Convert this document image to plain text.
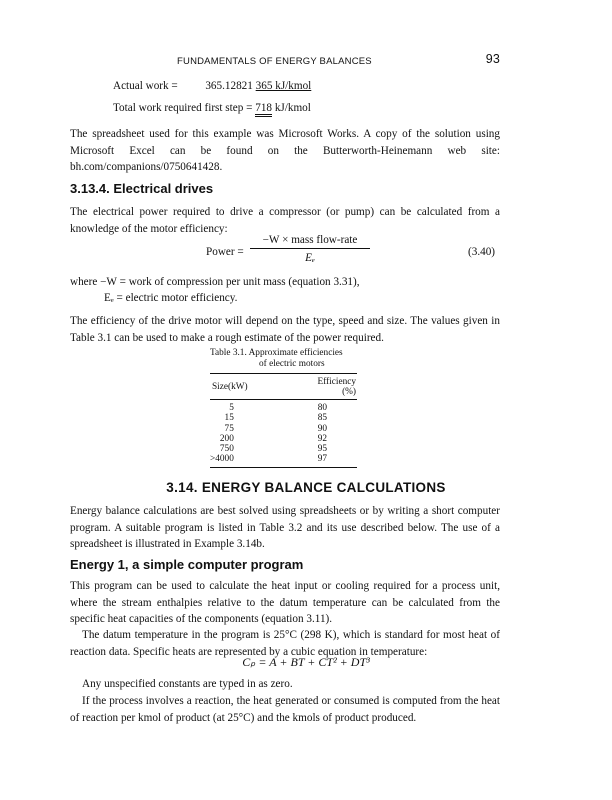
FUNDAMENTALS OF ENERGY BALANCES	93
Actual work = 365.12821 365 kJ/kmol
Total work required first step = 718 kJ/kmol
The spreadsheet used for this example was Microsoft Works. A copy of the solution using Microsoft Excel can be found on the Butterworth-Heinemann web site: bh.com/companions/0750641428.
3.13.4. Electrical drives
The electrical power required to drive a compressor (or pump) can be calculated from a knowledge of the motor efficiency:
Power =
−W × mass flow-rate
Eₑ	(3.40)
where −W = work of compression per unit mass (equation 3.31),
Eₑ = electric motor efficiency.
The efficiency of the drive motor will depend on the type, speed and size. The values given in Table 3.1 can be used to make a rough estimate of the power required.
Table 3.1. Approximate efficiencies
of electric motors
Size(kW)	Efficiency (%)
5	80
15	85
75	90
200	92
750	95
>4000	97
3.14. ENERGY BALANCE CALCULATIONS
Energy balance calculations are best solved using spreadsheets or by writing a short computer program. A suitable program is listed in Table 3.2 and its use described below. The use of a spreadsheet is illustrated in Example 3.14b.
Energy 1, a simple computer program
This program can be used to calculate the heat input or cooling required for a process unit, where the stream enthalpies relative to the datum temperature can be calculated from the specific heat capacities of the components (equation 3.11).
The datum temperature in the program is 25°C (298 K), which is standard for most heat of reaction data. Specific heats are represented by a cubic equation in temperature:
Cₚ = A + BT + CT² + DT³
Any unspecified constants are typed in as zero.
If the process involves a reaction, the heat generated or consumed is computed from the heat of reaction per kmol of product (at 25°C) and the kmols of product produced.
